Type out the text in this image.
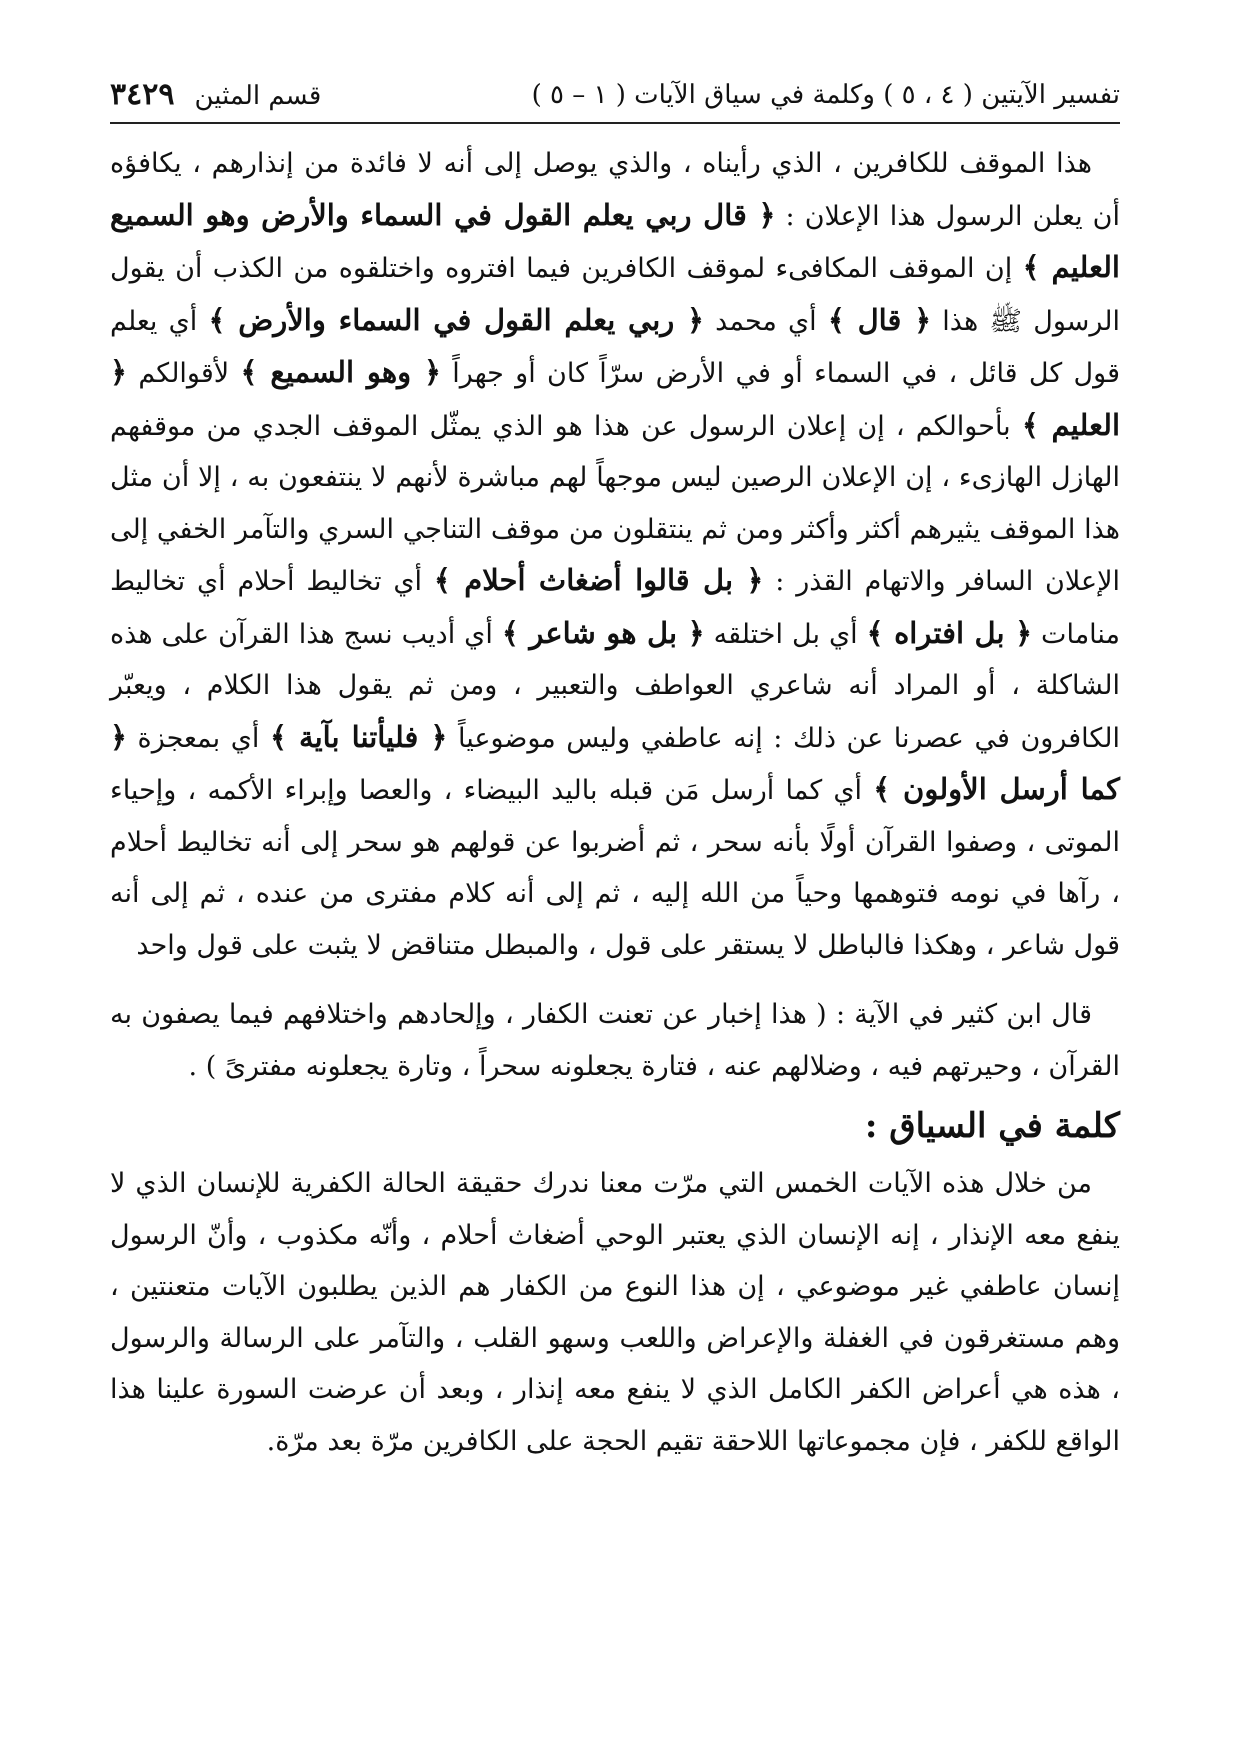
تفسير الآيتين ( ٤ ، ٥ ) وكلمة في سياق الآيات ( ١ – ٥ )
قسم المثين٣٤٢٩

هذا الموقف للكافرين ، الذي رأيناه ، والذي يوصل إلى أنه لا فائدة من إنذارهم ، يكافؤه أن يعلن الرسول هذا الإعلان : ﴿ قال ربي يعلم القول في السماء والأرض وهو السميع العليم ﴾ إن الموقف المكافىء لموقف الكافرين فيما افتروه واختلقوه من الكذب أن يقول الرسول ﷺ هذا ﴿ قال ﴾ أي محمد ﴿ ربي يعلم القول في السماء والأرض ﴾ أي يعلم قول كل قائل ، في السماء أو في الأرض سرّاً كان أو جهراً ﴿ وهو السميع ﴾ لأقوالكم ﴿ العليم ﴾ بأحوالكم ، إن إعلان الرسول عن هذا هو الذي يمثّل الموقف الجدي من موقفهم الهازل الهازىء ، إن الإعلان الرصين ليس موجهاً لهم مباشرة لأنهم لا ينتفعون به ، إلا أن مثل هذا الموقف يثيرهم أكثر وأكثر ومن ثم ينتقلون من موقف التناجي السري والتآمر الخفي إلى الإعلان السافر والاتهام القذر : ﴿ بل قالوا أضغاث أحلام ﴾ أي تخاليط أحلام أي تخاليط منامات ﴿ بل افتراه ﴾ أي بل اختلقه ﴿ بل هو شاعر ﴾ أي أديب نسج هذا القرآن على هذه الشاكلة ، أو المراد أنه شاعري العواطف والتعبير ، ومن ثم يقول هذا الكلام ، ويعبّر الكافرون في عصرنا عن ذلك : إنه عاطفي وليس موضوعياً ﴿ فليأتنا بآية ﴾ أي بمعجزة ﴿ كما أرسل الأولون ﴾ أي كما أرسل مَن قبله باليد البيضاء ، والعصا وإبراء الأكمه ، وإحياء الموتى ، وصفوا القرآن أولًا بأنه سحر ، ثم أضربوا عن قولهم هو سحر إلى أنه تخاليط أحلام ، رآها في نومه فتوهمها وحياً من الله إليه ، ثم إلى أنه كلام مفترى من عنده ، ثم إلى أنه قول شاعر ، وهكذا فالباطل لا يستقر على قول ، والمبطل متناقض لا يثبت على قول واحد

قال ابن كثير في الآية : ( هذا إخبار عن تعنت الكفار ، وإلحادهم واختلافهم فيما يصفون به القرآن ، وحيرتهم فيه ، وضلالهم عنه ، فتارة يجعلونه سحراً ، وتارة يجعلونه مفترىً ) .

كلمة في السياق :

من خلال هذه الآيات الخمس التي مرّت معنا ندرك حقيقة الحالة الكفرية للإنسان الذي لا ينفع معه الإنذار ، إنه الإنسان الذي يعتبر الوحي أضغاث أحلام ، وأنّه مكذوب ، وأنّ الرسول إنسان عاطفي غير موضوعي ، إن هذا النوع من الكفار هم الذين يطلبون الآيات متعنتين ، وهم مستغرقون في الغفلة والإعراض واللعب وسهو القلب ، والتآمر على الرسالة والرسول ، هذه هي أعراض الكفر الكامل الذي لا ينفع معه إنذار ، وبعد أن عرضت السورة علينا هذا الواقع للكفر ، فإن مجموعاتها اللاحقة تقيم الحجة على الكافرين مرّة بعد مرّة.
